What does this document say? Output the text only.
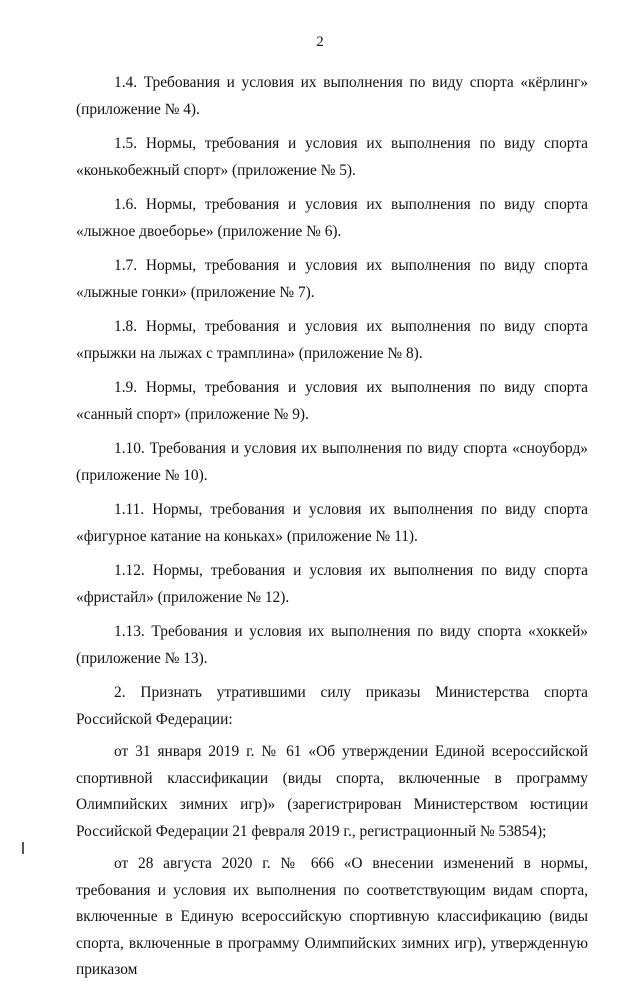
2

1.4. Требования и условия их выполнения по виду спорта «кёрлинг» (приложение № 4).

1.5. Нормы, требования и условия их выполнения по виду спорта «конькобежный спорт» (приложение № 5).

1.6. Нормы, требования и условия их выполнения по виду спорта «лыжное двоеборье» (приложение № 6).

1.7. Нормы, требования и условия их выполнения по виду спорта «лыжные гонки» (приложение № 7).

1.8. Нормы, требования и условия их выполнения по виду спорта «прыжки на лыжах с трамплина» (приложение № 8).

1.9. Нормы, требования и условия их выполнения по виду спорта «санный спорт» (приложение № 9).

1.10. Требования и условия их выполнения по виду спорта «сноуборд» (приложение № 10).

1.11. Нормы, требования и условия их выполнения по виду спорта «фигурное катание на коньках» (приложение № 11).

1.12. Нормы, требования и условия их выполнения по виду спорта «фристайл» (приложение № 12).

1.13. Требования и условия их выполнения по виду спорта «хоккей» (приложение № 13).

2. Признать утратившими силу приказы Министерства спорта Российской Федерации:

от 31 января 2019 г. № 61 «Об утверждении Единой всероссийской спортивной классификации (виды спорта, включенные в программу Олимпийских зимних игр)» (зарегистрирован Министерством юстиции Российской Федерации 21 февраля 2019 г., регистрационный № 53854);

от 28 августа 2020 г. № 666 «О внесении изменений в нормы, требования и условия их выполнения по соответствующим видам спорта, включенные в Единую всероссийскую спортивную классификацию (виды спорта, включенные в программу Олимпийских зимних игр), утвержденную приказом
